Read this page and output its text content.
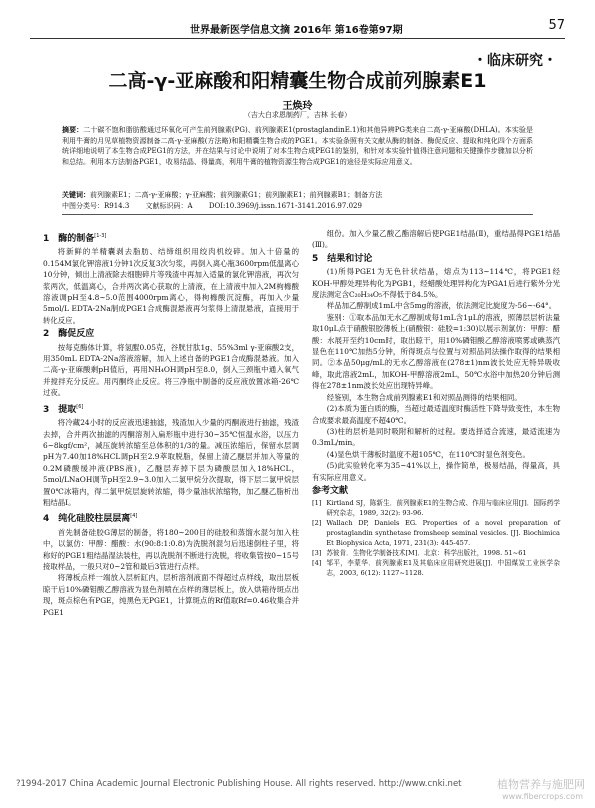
世界最新医学信息文摘 2016年 第16卷第97期	57
・临床研究・
二高-γ-亚麻酸和阳精囊生物合成前列腺素E1
王焕玲
（吉大白求恩制药厂，吉林 长春）
摘要：二十碳不饱和脂肪酸通过环氧化可产生前列腺素(PG)、前列腺素E1(prostaglandinE.1)和其他异辨PG类来自二高-γ-亚麻酸(DHLA)。本实验是利用牛膏的月见草植物资源制备二高-γ-亚麻酸(方法略)和阳精囊生物合成的PGE1。本实验条照有关文献从酶的制备、酶促反应、提取和纯化四个方面系统详细地说明了本生物合成PEG1的方法，并在结果与讨论中说明了对本生物合成PEG1的鉴别，和针对本实验针值得注意问题和关键操作步骤加以分析和总结。利用本方法制备PGE1，收易结晶、得量高，利用牛膏的植物资源生物合成PGE1的途径是实际应用意义。
关键词：前列腺素E1；二高-γ-亚麻酸；γ-亚麻酸；前列腺素G1；前列腺素E1；前列腺素B1；制备方法
中图分类号：R914.3 文献标识码：A DOI:10.3969/j.issn.1671-3141.2016.97.029
1　酶的制备[1-3]

将新鲜的羊精囊剥去脂肪、结缔组织用绞肉机绞碎。加入十倍量的0.154M氯化钾溶液1分钟1次反复3次匀浆，再倒入离心瓶3600rpm低温离心10分钟，倾出上清液除去细胞碎片等残渣中再加入适量的氯化钾溶液，再次匀浆两次，低温离心，合并两次离心获取的上清液，在上清液中加入2M枸橼酸溶液调pH至4.8~5.0范围4000rpm离心，得枸橼酸沉淀酶，再加入少量5mol/L EDTA-2Na制成PGE1合成酶混悬液再匀浆得上清混悬液，直接用于转化反应。

2　酶促反应

按每克酶体计算，将氢醌0.05克，谷胱甘肽1g、55%3ml γ-亚麻酸2支，用350mL EDTA-2Na溶液溶解，加入上述自备的PGE1合成酶混悬液。加入二高-γ-亚麻酸剩pH值后，再用NH₄OH调pH至8.0，倒入三颈瓶中通入氧气并搅拌充分反应。用丙酮终止反应。将三净瓶中制备的反应液放置冰箱-26℃过夜。

3　提取[6]

将冷藏24小时的反应液迅速抽滤，残渣加入少量的丙酮液进行抽滤，残渣去掉，合并两次抽滤的丙酮溶剂入扁形瓶中进行30~35℃恒温水浴，以压力6~8kgf/cm²，减压旋转浓缩至总体积的1/3的量。减压浓缩后，保留水层调pH为7.40加18%HCL调pH至2.9萃取脱脂，保留上清乙醚层并加入等量的0.2M磷酸缓冲液(PBS液)，乙醚层弃掉下层为磷酸层加入18%HCL，5mol/LNaOH调节pH至2.9~3.0加入二氯甲烷分次提取，得下层二氯甲烷层置0℃冰箱内，得二氯甲烷层旋转浓缩，得少量油状浓缩物，加乙醚乙脂析出粗结晶Ⅰ。

4　纯化硅胶柱层层离[4]

首先制备硅胶G薄层的制备，将180~200目的硅胶和蒸馏水混匀加入柱中，以氯仿：甲醇：醋酸：水(90:8:1:0.8)为洗脱剂混匀后迅速倒柱子里，将称好的PGE1粗结晶湿法装柱，再以洗脱剂不断进行洗脱，将收集管按0~15号接取样品，一般只对0~2管和最后3管进行点样。

将薄板点样一端放入层析缸内，层析溶剂液面不得超过点样线，取出层板晾干后10%磷钼酸乙醇溶液为显色剂喷在点样的薄层板上，放入烘箱待斑点出现，斑点棕色有PGE，纯黑色无PGE1，计算斑点的Rf值取Rf=0.46收集合并PGE1

组份。加入少量乙酸乙酯溶解后使PGE1结晶(Ⅱ)，重结晶得PGE1结晶(Ⅲ)。

5　结果和讨论

(1)所得PGE1为无色针状结晶，熔点为113~114℃，将PGE1经KOH-甲醇处理异构化为PGB1，经蜡酸处理异构化为PGA1后进行紫外分光度法测定含C₂₀H₃₄O₅不得低于84.5%。

样品加乙醇制成1mL中含5mg的溶液，依法测定比旋度为-56~-64°。

鉴别：①取本品加无水乙醇制成每1mL含1μL的溶液，照薄层层析法量取10μL点于硝酸银胶薄板上(硝酸银：硅胶=1:30)以展示剂氯仿：甲醇：醋酸：水展开至约10cm时，取出晾干，用10%磷钼酸乙醇溶液喷雾或碘蒸汽显色在110℃加热5分钟，所得斑点与位置与对照品同法操作取得的结果相同。②本品50μg/mL的无水乙醇溶液在(278±1)nm波长处应无特异吸收峰，取此溶液2mL，加KOH-甲醇溶液2mL，50℃水浴中加热20分钟后测得在278±1nm波长处应出现特异峰。

经鉴别，本生物合成前列腺素E1和对照品测得的结果相同。

(2)本质为蛋白质的酶，当超过最适温度时酶活性下降导致变性，本生物合成要求最高温度不超40℃。

(3)柱的层析是同时吸附和解析的过程。要选择适合流速，最适流速为0.3mL/min。

(4)显色烘干薄板时温度不超105℃，在110℃时显色剂变色。

(5)此实验转化率为35~41%以上，操作简单，极易结晶，得量高，具有实际应用意义。

参考文献
[1] Kirtland SJ，陈新生．前列腺素E1的生物合成、作用与临床应用[J]．国际药学研究杂志，1989, 32(2): 93-96.
[2] Wallach DP, Daniels EG. Properties of a novel preparation of prostaglandin synthetase fromsheep seminal vesicles. [J]. Biochimica Et Biophysica Acta, 1971, 231(3): 445-457.
[3] 苏彼肯．生物化学制备技术[M]．北京：科学出版社，1998. 51~61
[4] 邹平，李蒙华．前列腺素E1及其临床应用研究进展[J]．中国煤炭工业医学杂志，2003, 6(12): 1127~1128.
?1994-2017 China Academic Journal Electronic Publishing House. All rights reserved. http://www.cnki.net	植物营养与施肥网
www.fibercrops.com
